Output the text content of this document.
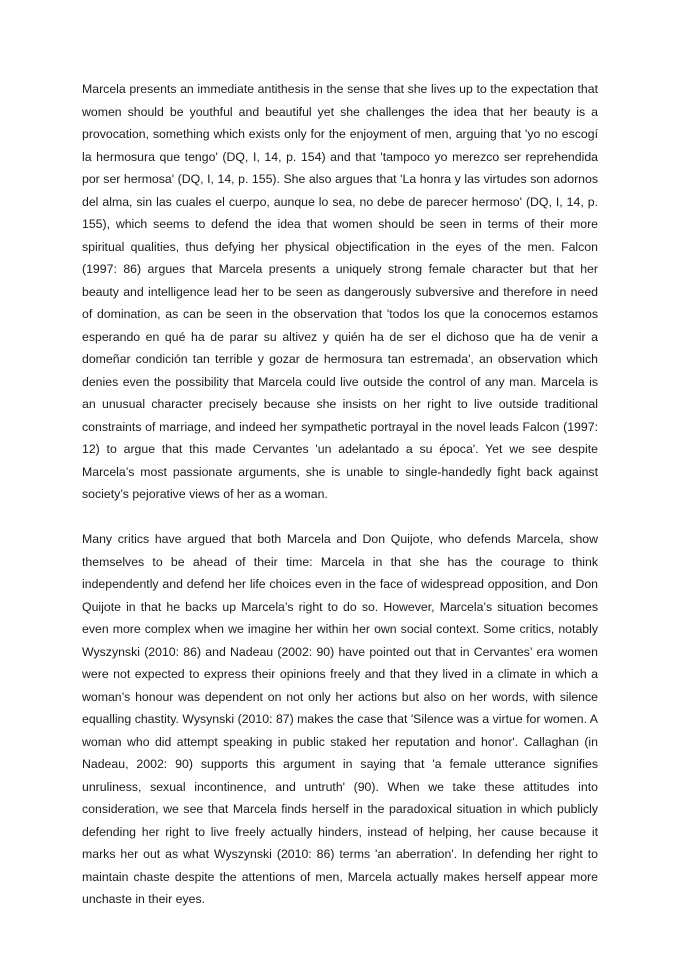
Marcela presents an immediate antithesis in the sense that she lives up to the expectation that women should be youthful and beautiful yet she challenges the idea that her beauty is a provocation, something which exists only for the enjoyment of men, arguing that 'yo no escogí la hermosura que tengo' (DQ, I, 14, p. 154) and that 'tampoco yo merezco ser reprehendida por ser hermosa' (DQ, I, 14, p. 155). She also argues that 'La honra y las virtudes son adornos del alma, sin las cuales el cuerpo, aunque lo sea, no debe de parecer hermoso' (DQ, I, 14, p. 155), which seems to defend the idea that women should be seen in terms of their more spiritual qualities, thus defying her physical objectification in the eyes of the men. Falcon (1997: 86) argues that Marcela presents a uniquely strong female character but that her beauty and intelligence lead her to be seen as dangerously subversive and therefore in need of domination, as can be seen in the observation that 'todos los que la conocemos estamos esperando en qué ha de parar su altivez y quién ha de ser el dichoso que ha de venir a domeñar condición tan terrible y gozar de hermosura tan estremada', an observation which denies even the possibility that Marcela could live outside the control of any man. Marcela is an unusual character precisely because she insists on her right to live outside traditional constraints of marriage, and indeed her sympathetic portrayal in the novel leads Falcon (1997: 12) to argue that this made Cervantes 'un adelantado a su época'. Yet we see despite Marcela’s most passionate arguments, she is unable to single-handedly fight back against society’s pejorative views of her as a woman.

Many critics have argued that both Marcela and Don Quijote, who defends Marcela, show themselves to be ahead of their time: Marcela in that she has the courage to think independently and defend her life choices even in the face of widespread opposition, and Don Quijote in that he backs up Marcela’s right to do so. However, Marcela’s situation becomes even more complex when we imagine her within her own social context. Some critics, notably Wyszynski (2010: 86) and Nadeau (2002: 90) have pointed out that in Cervantes’ era women were not expected to express their opinions freely and that they lived in a climate in which a woman’s honour was dependent on not only her actions but also on her words, with silence equalling chastity. Wysynski (2010: 87) makes the case that 'Silence was a virtue for women. A woman who did attempt speaking in public staked her reputation and honor'. Callaghan (in Nadeau, 2002: 90) supports this argument in saying that 'a female utterance signifies unruliness, sexual incontinence, and untruth' (90). When we take these attitudes into consideration, we see that Marcela finds herself in the paradoxical situation in which publicly defending her right to live freely actually hinders, instead of helping, her cause because it marks her out as what Wyszynski (2010: 86) terms 'an aberration'. In defending her right to maintain chaste despite the attentions of men, Marcela actually makes herself appear more unchaste in their eyes.
